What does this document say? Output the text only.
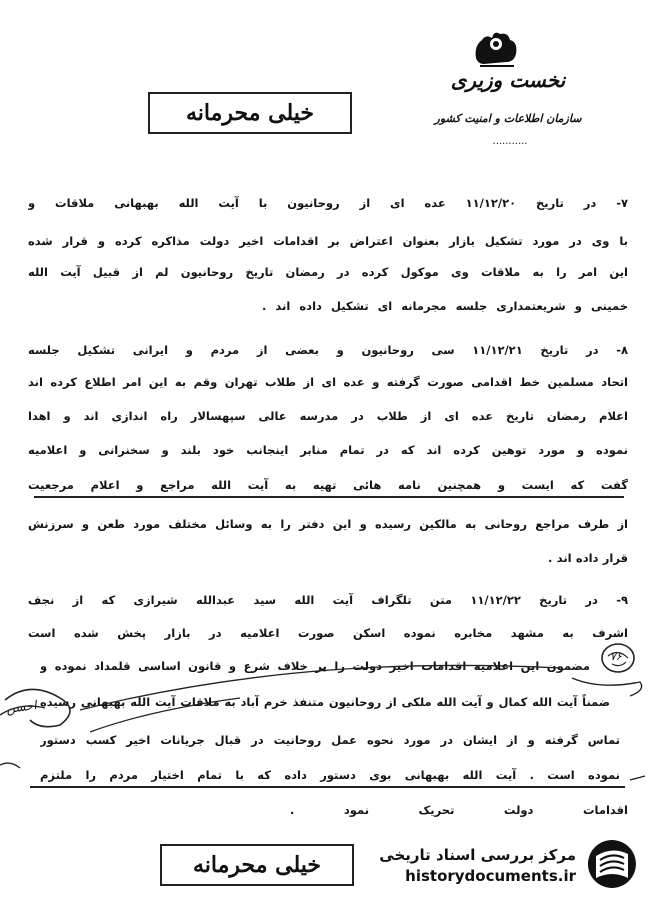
نخست وزیری
سازمان اطلاعات و امنیت کشور
...........
خیلی محرمانه
۷- در تاریخ ۱۱/۱۲/۲۰ عده ای از روحانیون با آیت الله بهبهانی ملاقات و
با وی در مورد تشکیل بازار بعنوان اعتراض بر اقدامات اخیر دولت مذاکره کرده و قرار شده
این امر را به ملاقات وی موکول کرده در رمضان تاریخ روحانیون لم از قبیل آیت الله
خمینی و شریعتمداری جلسه مجرمانه ای تشکیل داده اند .
۸- در تاریخ ۱۱/۱۲/۲۱ سی روحانیون و بعضی از مردم و ایرانی تشکیل جلسه
اتحاد مسلمین خط اقدامی صورت گرفته و عده ای از طلاب تهران وقم به این امر اطلاع کرده اند
اعلام رمضان تاریخ عده ای از طلاب در مدرسه عالی سپهسالار راه اندازی اند و اهدا
نموده و مورد توهین کرده اند که در تمام منابر اینجانب خود بلند و سخنرانی و اعلامیه
گفت که ایست و همچنین نامه هائی تهیه به آیت الله مراجع و اعلام مرجعیت
از طرف مراجع روحانی به مالکین رسیده و این دفتر را به وسائل مختلف مورد طعن و سرزنش
قرار داده اند .
۹- در تاریخ ۱۱/۱۲/۲۲ متن تلگراف آیت الله سید عبدالله شیرازی که از نجف
اشرف به مشهد مخابره نموده اسکن صورت اعلامیه در بازار پخش شده است
مضمون این اعلامیه اقدامات اخیر دولت را بر خلاف شرع و قانون اساسی قلمداد نموده و
ضمناً آیت الله کمال و آیت الله ملکی از روحانیون متنفذ خرم آباد به ملاقات آیت الله بهبهانی رسیده
تماس گرفته و از ایشان در مورد نحوه عمل روحانیت در قبال جریانات اخیر کسب دستور
نموده است . آیت الله بهبهانی بوی دستور داده که با تمام اختیار مردم را ملتزم
اقدامات دولت تحریک نمود .
احسن
۷۶
خیلی محرمانه	مرکز بررسی اسناد تاریخی
historydocuments.ir
